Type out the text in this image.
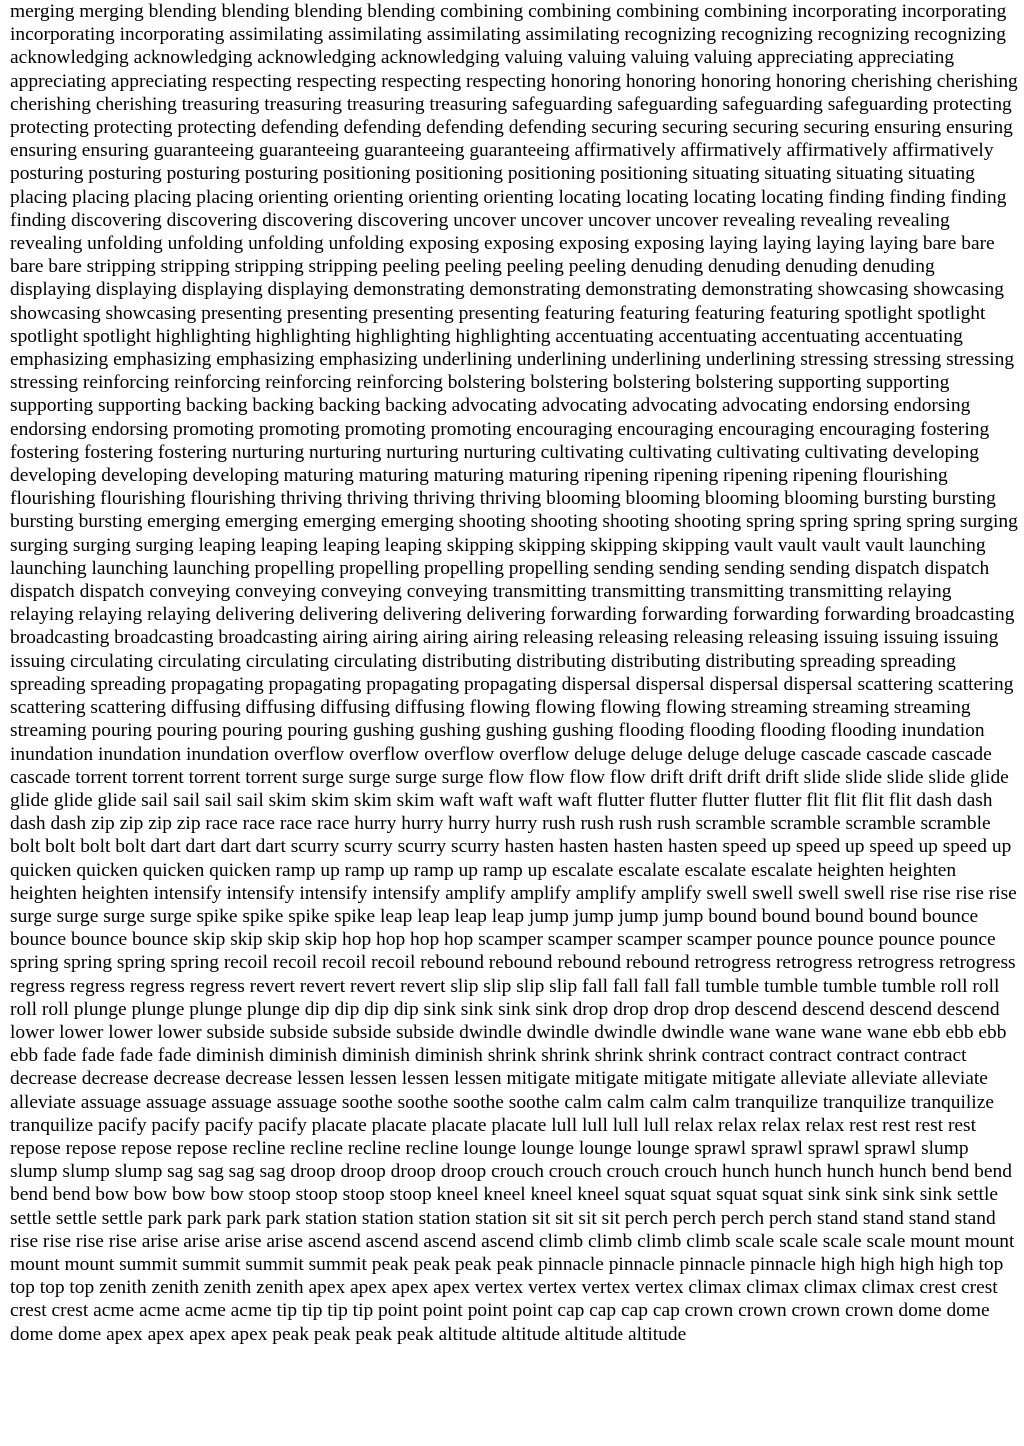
merging merging blending blending blending blending combining combining combining combining incorporating incorporating incorporating incorporating assimilating assimilating assimilating assimilating recognizing recognizing recognizing recognizing acknowledging acknowledging acknowledging acknowledging valuing valuing valuing valuing appreciating appreciating appreciating appreciating respecting respecting respecting respecting honoring honoring honoring honoring cherishing cherishing cherishing cherishing treasuring treasuring treasuring treasuring safeguarding safeguarding safeguarding safeguarding protecting protecting protecting protecting defending defending defending defending securing securing securing securing ensuring ensuring ensuring ensuring guaranteeing guaranteeing guaranteeing guaranteeing affirmatively affirmatively affirmatively affirmatively posturing posturing posturing posturing positioning positioning positioning positioning situating situating situating situating placing placing placing placing orienting orienting orienting orienting locating locating locating locating finding finding finding finding discovering discovering discovering discovering uncover uncover uncover uncover revealing revealing revealing revealing unfolding unfolding unfolding unfolding exposing exposing exposing exposing laying laying laying laying bare bare bare bare stripping stripping stripping stripping peeling peeling peeling peeling denuding denuding denuding denuding displaying displaying displaying displaying demonstrating demonstrating demonstrating demonstrating showcasing showcasing showcasing showcasing presenting presenting presenting presenting featuring featuring featuring featuring spotlight spotlight spotlight spotlight highlighting highlighting highlighting highlighting accentuating accentuating accentuating accentuating emphasizing emphasizing emphasizing emphasizing underlining underlining underlining underlining stressing stressing stressing stressing reinforcing reinforcing reinforcing reinforcing bolstering bolstering bolstering bolstering supporting supporting supporting supporting backing backing backing backing advocating advocating advocating advocating endorsing endorsing endorsing endorsing promoting promoting promoting promoting encouraging encouraging encouraging encouraging fostering fostering fostering fostering nurturing nurturing nurturing nurturing cultivating cultivating cultivating cultivating developing developing developing developing maturing maturing maturing maturing ripening ripening ripening ripening flourishing flourishing flourishing flourishing thriving thriving thriving thriving blooming blooming blooming blooming bursting bursting bursting bursting emerging emerging emerging emerging shooting shooting shooting shooting spring spring spring spring surging surging surging surging leaping leaping leaping leaping skipping skipping skipping skipping vault vault vault vault launching launching launching launching propelling propelling propelling propelling sending sending sending sending dispatch dispatch dispatch dispatch conveying conveying conveying conveying transmitting transmitting transmitting transmitting relaying relaying relaying relaying delivering delivering delivering delivering forwarding forwarding forwarding forwarding broadcasting broadcasting broadcasting broadcasting airing airing airing airing releasing releasing releasing releasing issuing issuing issuing issuing circulating circulating circulating circulating distributing distributing distributing distributing spreading spreading spreading spreading propagating propagating propagating propagating dispersal dispersal dispersal dispersal scattering scattering scattering scattering diffusing diffusing diffusing diffusing flowing flowing flowing flowing streaming streaming streaming streaming pouring pouring pouring pouring gushing gushing gushing gushing flooding flooding flooding flooding inundation inundation inundation inundation overflow overflow overflow overflow deluge deluge deluge deluge cascade cascade cascade cascade torrent torrent torrent torrent surge surge surge surge flow flow flow flow drift drift drift drift slide slide slide slide glide glide glide glide sail sail sail sail skim skim skim skim waft waft waft waft flutter flutter flutter flutter flit flit flit flit dash dash dash dash zip zip zip zip race race race race hurry hurry hurry hurry rush rush rush rush scramble scramble scramble scramble bolt bolt bolt bolt dart dart dart dart scurry scurry scurry scurry hasten hasten hasten hasten speed up speed up speed up speed up quicken quicken quicken quicken ramp up ramp up ramp up ramp up escalate escalate escalate escalate heighten heighten heighten heighten intensify intensify intensify intensify amplify amplify amplify amplify swell swell swell swell rise rise rise rise surge surge surge surge spike spike spike spike leap leap leap leap jump jump jump jump bound bound bound bound bounce bounce bounce bounce skip skip skip skip hop hop hop hop scamper scamper scamper scamper pounce pounce pounce pounce spring spring spring spring recoil recoil recoil recoil rebound rebound rebound rebound retrogress retrogress retrogress retrogress regress regress regress regress revert revert revert revert slip slip slip slip fall fall fall fall tumble tumble tumble tumble roll roll roll roll plunge plunge plunge plunge dip dip dip dip sink sink sink sink drop drop drop drop descend descend descend descend lower lower lower lower subside subside subside subside dwindle dwindle dwindle dwindle wane wane wane wane ebb ebb ebb ebb fade fade fade fade diminish diminish diminish diminish shrink shrink shrink shrink contract contract contract contract decrease decrease decrease decrease lessen lessen lessen lessen mitigate mitigate mitigate mitigate alleviate alleviate alleviate alleviate assuage assuage assuage assuage soothe soothe soothe soothe calm calm calm calm tranquilize tranquilize tranquilize tranquilize pacify pacify pacify pacify placate placate placate placate lull lull lull lull relax relax relax relax rest rest rest rest repose repose repose repose recline recline recline recline lounge lounge lounge lounge sprawl sprawl sprawl sprawl slump slump slump slump sag sag sag sag droop droop droop droop crouch crouch crouch crouch hunch hunch hunch hunch bend bend bend bend bow bow bow bow stoop stoop stoop stoop kneel kneel kneel kneel squat squat squat squat sink sink sink sink settle settle settle settle park park park park station station station station sit sit sit sit perch perch perch perch stand stand stand stand rise rise rise rise arise arise arise arise ascend ascend ascend ascend climb climb climb climb scale scale scale scale mount mount mount mount summit summit summit summit peak peak peak peak pinnacle pinnacle pinnacle pinnacle high high high high top top top top zenith zenith zenith zenith apex apex apex apex vertex vertex vertex vertex climax climax climax climax crest crest crest crest acme acme acme acme tip tip tip tip point point point point cap cap cap cap crown crown crown crown dome dome dome dome apex apex apex apex peak peak peak peak altitude altitude altitude altitude
